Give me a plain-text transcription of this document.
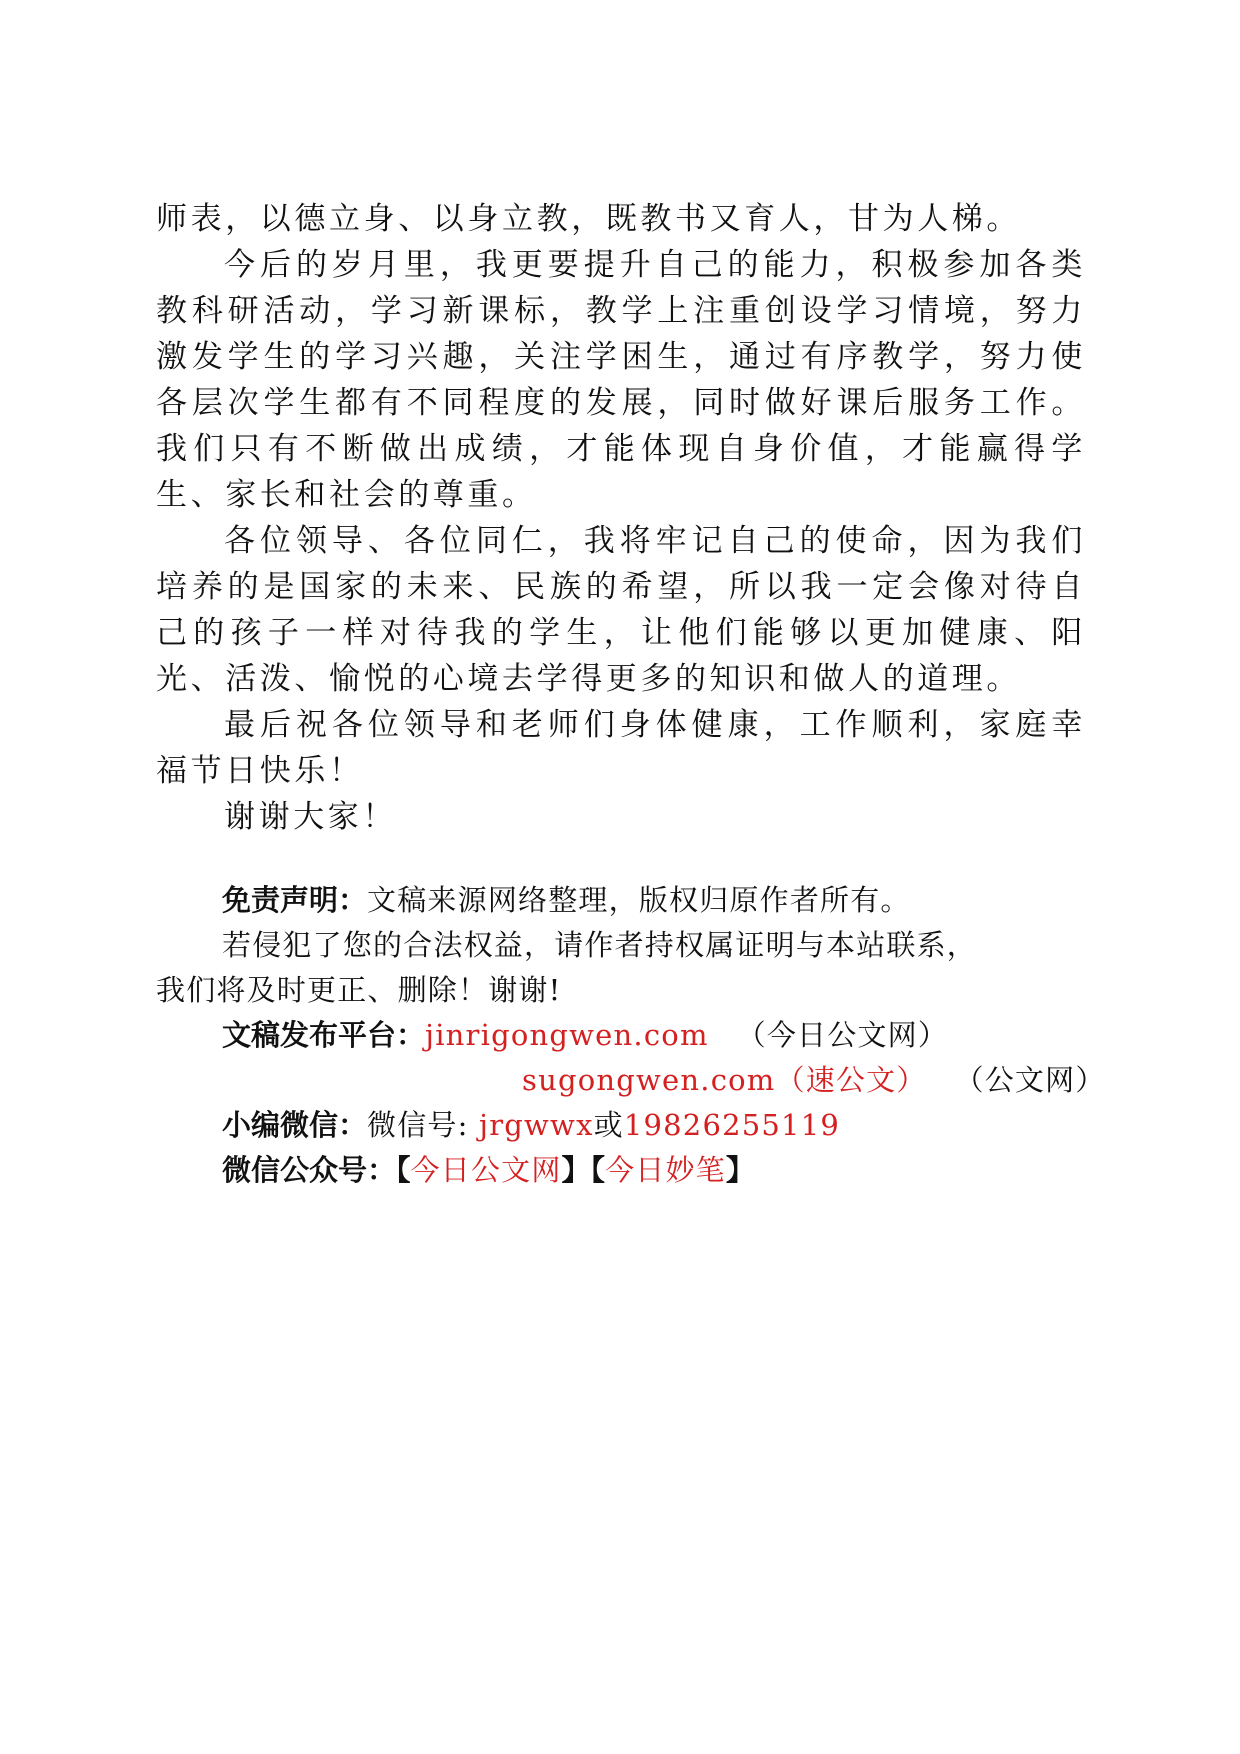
师表，以德立身、以身立教，既教书又育人，甘为人梯。

今后的岁月里，我更要提升自己的能力，积极参加各类教科研活动，学习新课标，教学上注重创设学习情境，努力激发学生的学习兴趣，关注学困生，通过有序教学，努力使各层次学生都有不同程度的发展，同时做好课后服务工作。我们只有不断做出成绩，才能体现自身价值，才能赢得学生、家长和社会的尊重。

各位领导、各位同仁，我将牢记自己的使命，因为我们培养的是国家的未来、民族的希望，所以我一定会像对待自己的孩子一样对待我的学生，让他们能够以更加健康、阳光、活泼、愉悦的心境去学得更多的知识和做人的道理。

最后祝各位领导和老师们身体健康，工作顺利，家庭幸福节日快乐！

谢谢大家！

免责声明：文稿来源网络整理，版权归原作者所有。
若侵犯了您的合法权益，请作者持权属证明与本站联系，
我们将及时更正、删除！谢谢!
文稿发布平台：jinrigongwen.com （今日公文网）
sugongwen.com（速公文） （公文网）
小编微信：微信号: jrgwwx或19826255119
微信公众号：【今日公文网】【今日妙笔】
